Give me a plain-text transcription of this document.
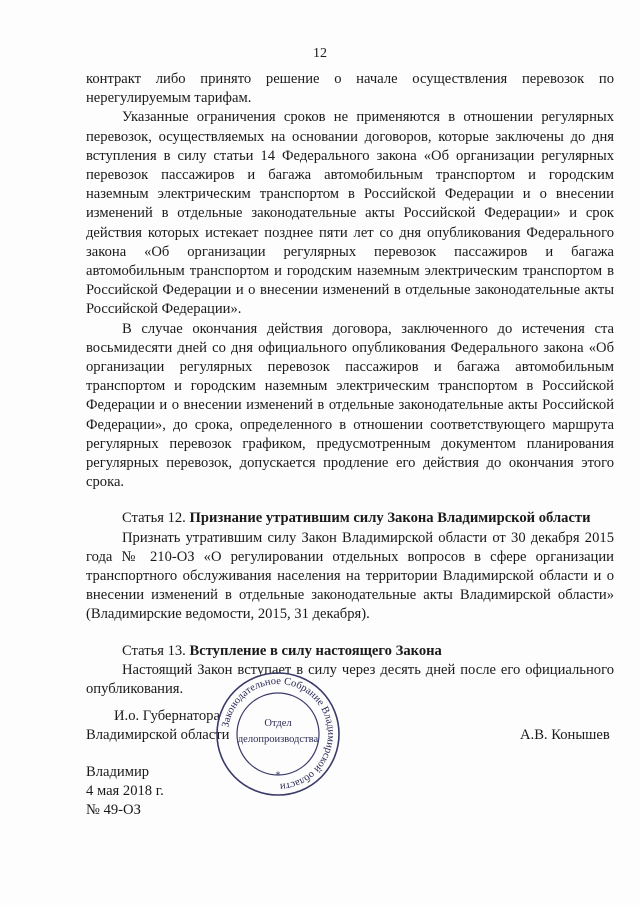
12

контракт либо принято решение о начале осуществления перевозок по нерегулируемым тарифам.

Указанные ограничения сроков не применяются в отношении регулярных перевозок, осуществляемых на основании договоров, которые заключены до дня вступления в силу статьи 14 Федерального закона «Об организации регулярных перевозок пассажиров и багажа автомобильным транспортом и городским наземным электрическим транспортом в Российской Федерации и о внесении изменений в отдельные законодательные акты Российской Федерации» и срок действия которых истекает позднее пяти лет со дня опубликования Федерального закона «Об организации регулярных перевозок пассажиров и багажа автомобильным транспортом и городским наземным электрическим транспортом в Российской Федерации и о внесении изменений в отдельные законодательные акты Российской Федерации».

В случае окончания действия договора, заключенного до истечения ста восьмидесяти дней со дня официального опубликования Федерального закона «Об организации регулярных перевозок пассажиров и багажа автомобильным транспортом и городским наземным электрическим транспортом в Российской Федерации и о внесении изменений в отдельные законодательные акты Российской Федерации», до срока, определенного в отношении соответствующего маршрута регулярных перевозок графиком, предусмотренным документом планирования регулярных перевозок, допускается продление его действия до окончания этого срока.

Статья 12. Признание утратившим силу Закона Владимирской области

Признать утратившим силу Закон Владимирской области от 30 декабря 2015 года № 210-ОЗ «О регулировании отдельных вопросов в сфере организации транспортного обслуживания населения на территории Владимирской области и о внесении изменений в отдельные законодательные акты Владимирской области» (Владимирские ведомости, 2015, 31 декабря).

Статья 13. Вступление в силу настоящего Закона

Настоящий Закон вступает в силу через десять дней после его официального опубликования.

И.о. Губернатора
Владимирской области	А.В. Конышев
Законодательное Собрание Владимирской области
Отдел
делопроизводства
*
Владимир
4 мая 2018 г.
№ 49-ОЗ
